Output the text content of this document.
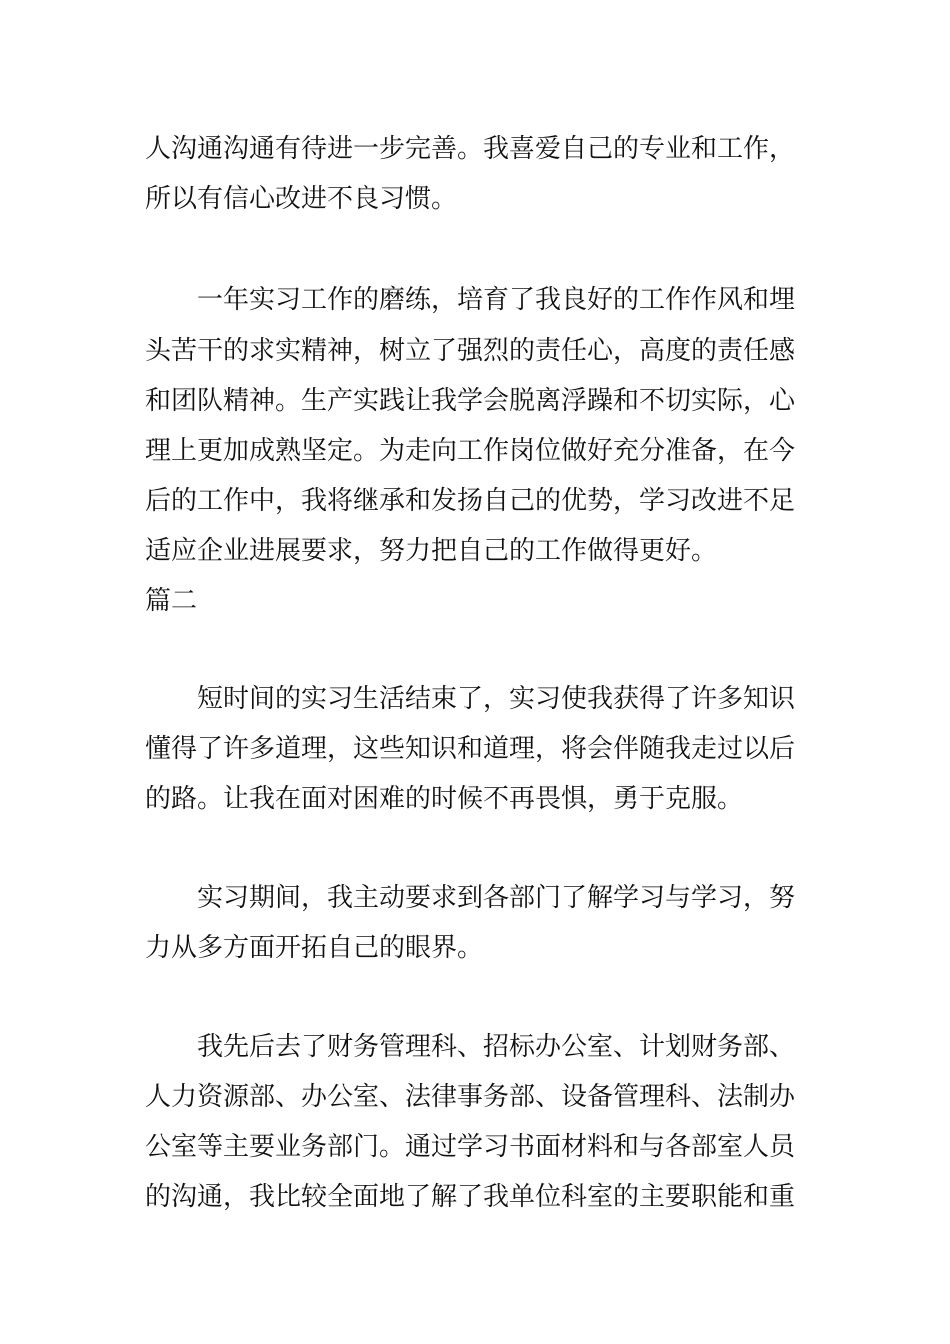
人沟通沟通有待进一步完善。我喜爱自己的专业和工作，
所以有信心改进不良习惯。
一年实习工作的磨练，培育了我良好的工作作风和埋
头苦干的求实精神，树立了强烈的责任心，高度的责任感
和团队精神。生产实践让我学会脱离浮躁和不切实际，心
理上更加成熟坚定。为走向工作岗位做好充分准备，在今
后的工作中，我将继承和发扬自己的优势，学习改进不足
适应企业进展要求，努力把自己的工作做得更好。
篇二
短时间的实习生活结束了，实习使我获得了许多知识
懂得了许多道理，这些知识和道理，将会伴随我走过以后
的路。让我在面对困难的时候不再畏惧，勇于克服。
实习期间，我主动要求到各部门了解学习与学习，努
力从多方面开拓自己的眼界。
我先后去了财务管理科、招标办公室、计划财务部、
人力资源部、办公室、法律事务部、设备管理科、法制办
公室等主要业务部门。通过学习书面材料和与各部室人员
的沟通，我比较全面地了解了我单位科室的主要职能和重
